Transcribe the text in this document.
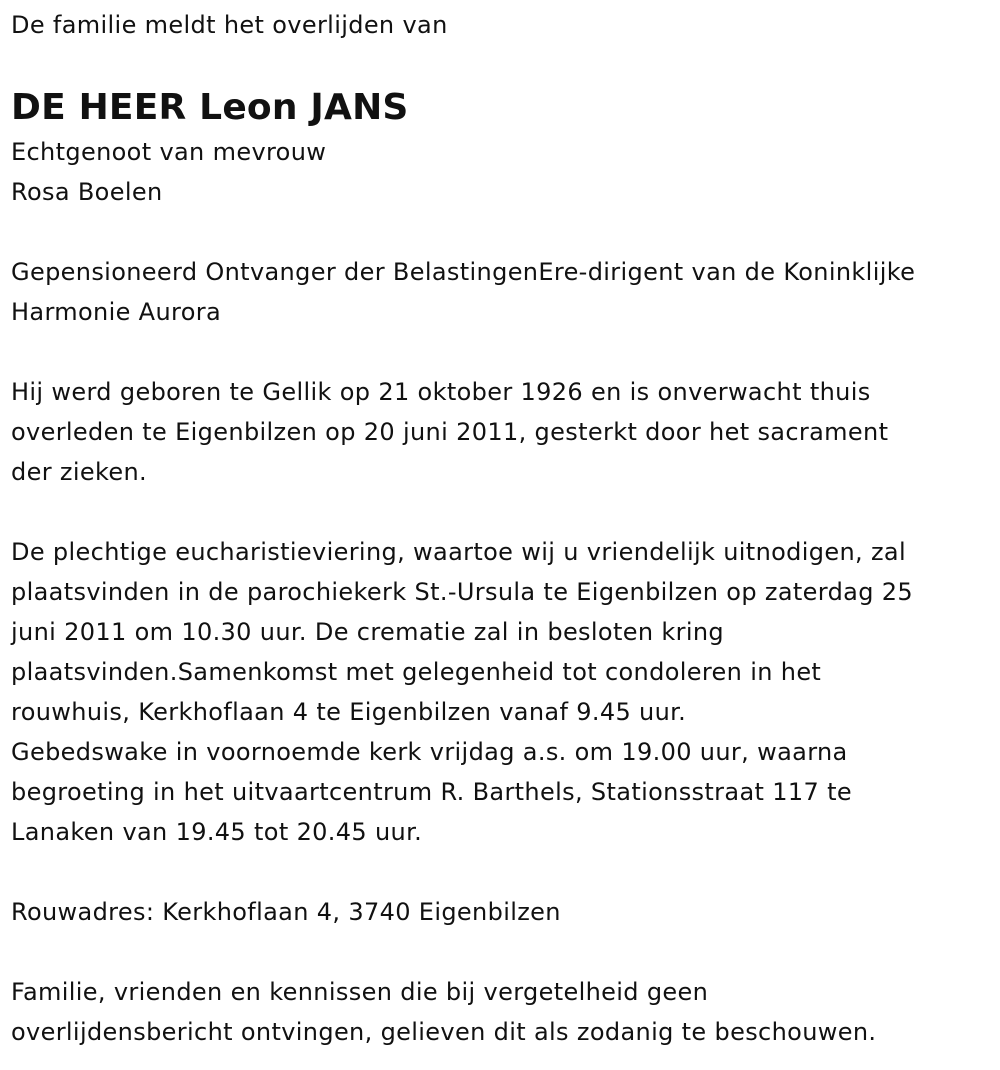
De familie meldt het overlijden van
DE HEER Leon JANS
Echtgenoot van mevrouw
Rosa Boelen
Gepensioneerd Ontvanger der BelastingenEre-dirigent van de Koninklijke
Harmonie Aurora
Hij werd geboren te Gellik op 21 oktober 1926 en is onverwacht thuis
overleden te Eigenbilzen op 20 juni 2011, gesterkt door het sacrament
der zieken.
De plechtige eucharistieviering, waartoe wij u vriendelijk uitnodigen, zal
plaatsvinden in de parochiekerk St.-Ursula te Eigenbilzen op zaterdag 25
juni 2011 om 10.30 uur. De crematie zal in besloten kring
plaatsvinden.Samenkomst met gelegenheid tot condoleren in het
rouwhuis, Kerkhoflaan 4 te Eigenbilzen vanaf 9.45 uur.
Gebedswake in voornoemde kerk vrijdag a.s. om 19.00 uur, waarna
begroeting in het uitvaartcentrum R. Barthels, Stationsstraat 117 te
Lanaken van 19.45 tot 20.45 uur.
Rouwadres: Kerkhoflaan 4, 3740 Eigenbilzen
Familie, vrienden en kennissen die bij vergetelheid geen
overlijdensbericht ontvingen, gelieven dit als zodanig te beschouwen.
